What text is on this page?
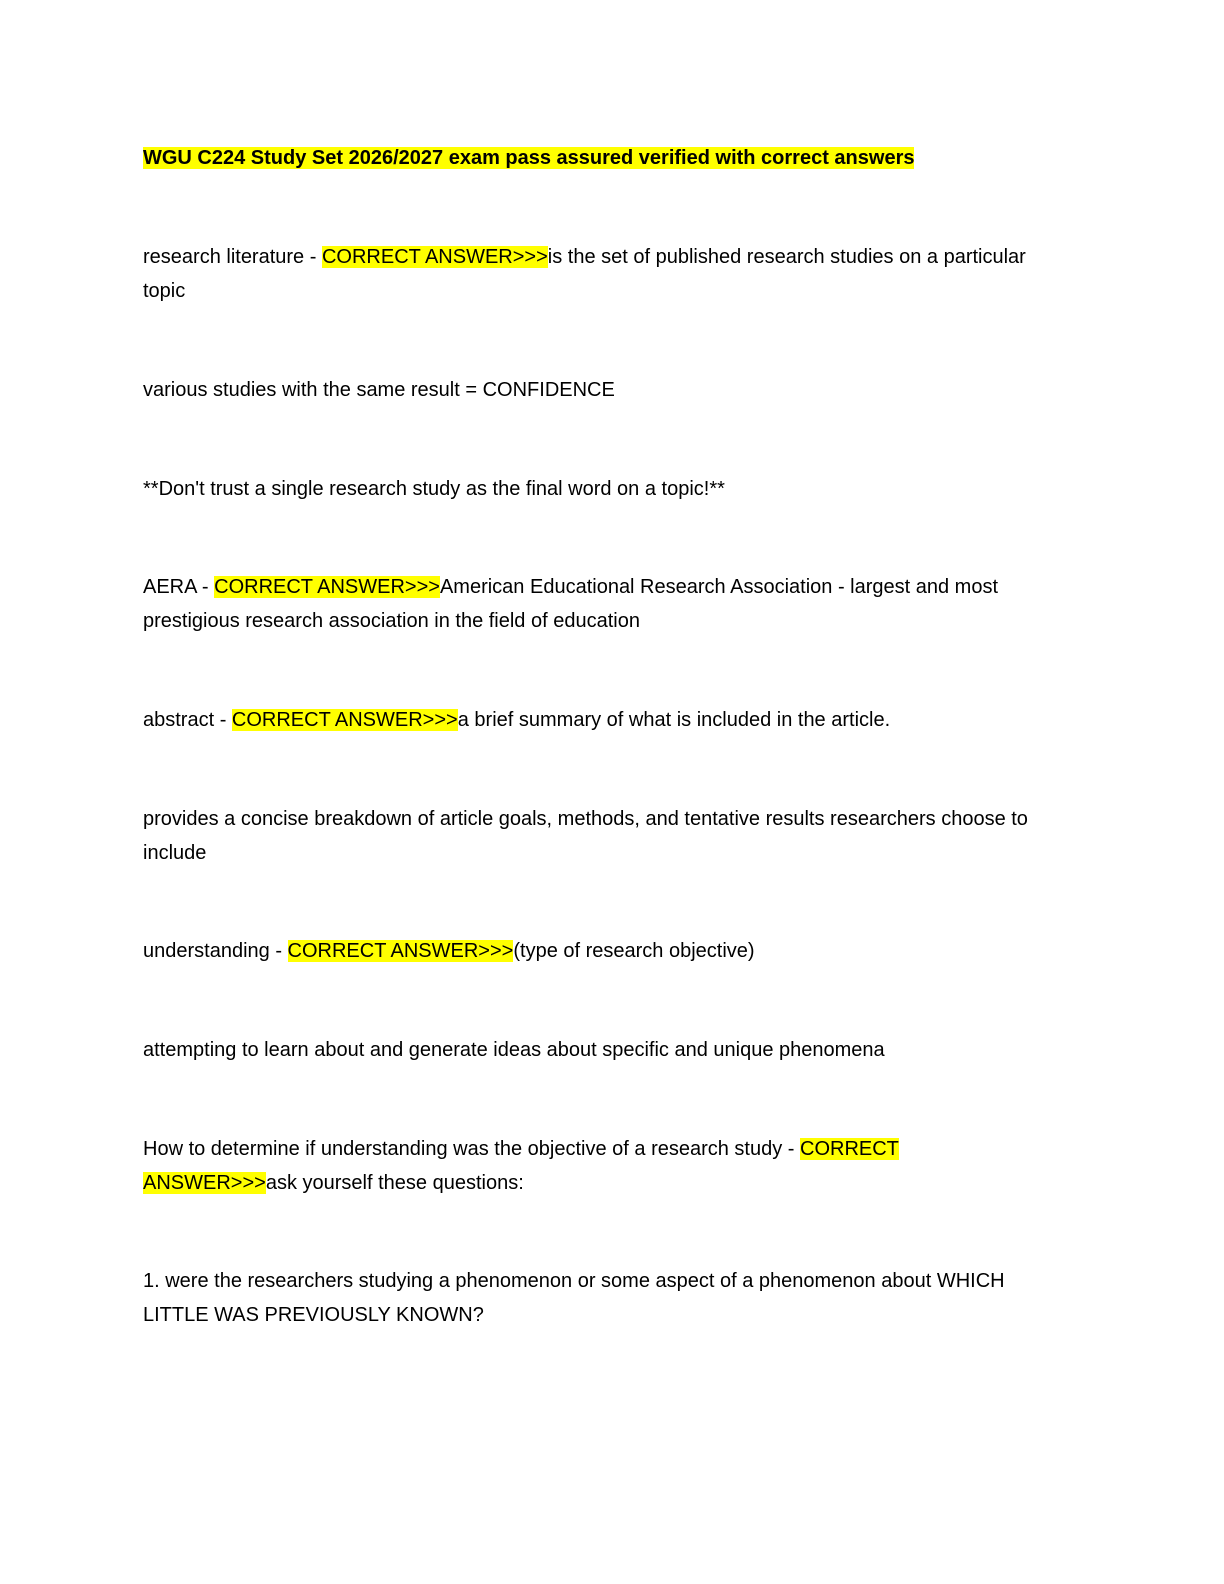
WGU C224 Study Set 2026/2027 exam pass assured verified with correct answers
research literature - CORRECT ANSWER>>>is the set of published research studies on a particular topic
various studies with the same result = CONFIDENCE
**Don't trust a single research study as the final word on a topic!**
AERA - CORRECT ANSWER>>>American Educational Research Association - largest and most prestigious research association in the field of education
abstract - CORRECT ANSWER>>>a brief summary of what is included in the article.
provides a concise breakdown of article goals, methods, and tentative results researchers choose to include
understanding - CORRECT ANSWER>>>(type of research objective)
attempting to learn about and generate ideas about specific and unique phenomena
How to determine if understanding was the objective of a research study - CORRECT ANSWER>>>ask yourself these questions:
1. were the researchers studying a phenomenon or some aspect of a phenomenon about WHICH LITTLE WAS PREVIOUSLY KNOWN?
